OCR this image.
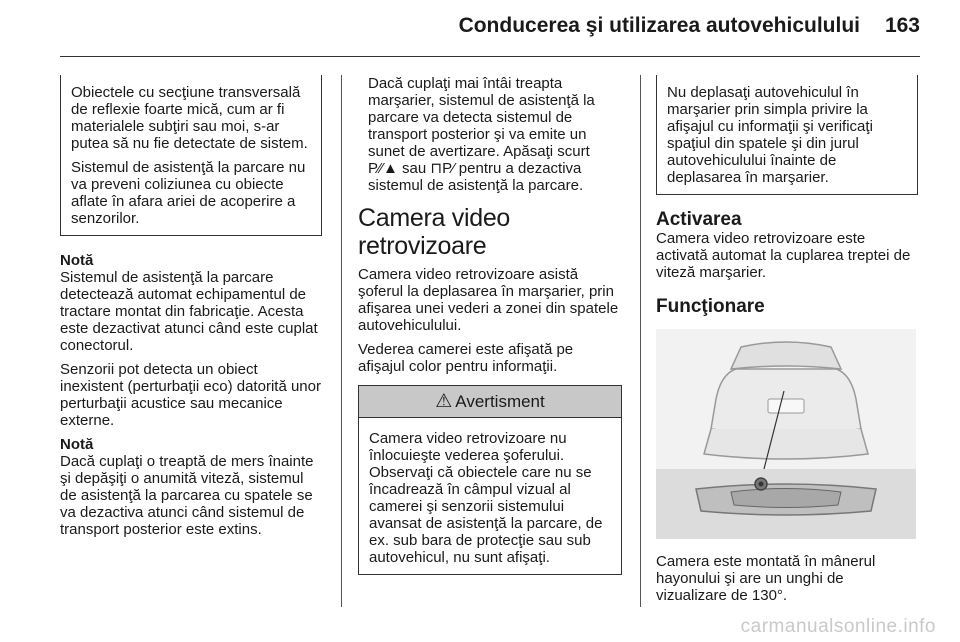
Conducerea şi utilizarea autovehiculului 163

Obiectele cu secţiune transversală de reflexie foarte mică, cum ar fi materialele subţiri sau moi, s-ar putea să nu fie detectate de sistem.

Sistemul de asistenţă la parcare nu va preveni coliziunea cu obiecte aflate în afara ariei de acoperire a senzorilor.

Notă

Sistemul de asistenţă la parcare detectează automat echipamentul de tractare montat din fabricaţie. Acesta este dezactivat atunci când este cuplat conectorul.

Senzorii pot detecta un obiect inexistent (perturbaţii eco) datorită unor perturbaţii acustice sau mecanice externe.

Notă

Dacă cuplaţi o treaptă de mers înainte şi depăşiţi o anumită viteză, sistemul de asistenţă la parcarea cu spatele se va dezactiva atunci când sistemul de transport posterior este extins.

Dacă cuplaţi mai întâi treapta marşarier, sistemul de asistenţă la parcare va detecta sistemul de transport posterior şi va emite un sunet de avertizare. Apăsaţi scurt P⁄⁄▲ sau ⊓P⁄ pentru a dezactiva sistemul de asistenţă la parcare.

Camera video retrovizoare

Camera video retrovizoare asistă şoferul la deplasarea în marşarier, prin afişarea unei vederi a zonei din spatele autovehiculului.

Vederea camerei este afişată pe afişajul color pentru informaţii.

⚠ Avertisment
Camera video retrovizoare nu înlocuieşte vederea şoferului. Observaţi că obiectele care nu se încadrează în câmpul vizual al camerei şi senzorii sistemului avansat de asistenţă la parcare, de ex. sub bara de protecţie sau sub autovehicul, nu sunt afişaţi.
Nu deplasaţi autovehiculul în marşarier prin simpla privire la afişajul cu informaţii şi verificaţi spaţiul din spatele şi din jurul autovehiculului înainte de deplasarea în marşarier.
Activarea

Camera video retrovizoare este activată automat la cuplarea treptei de viteză marşarier.

Funcţionare

Camera este montată în mânerul hayonului şi are un unghi de vizualizare de 130°.

carmanualsonline.info
